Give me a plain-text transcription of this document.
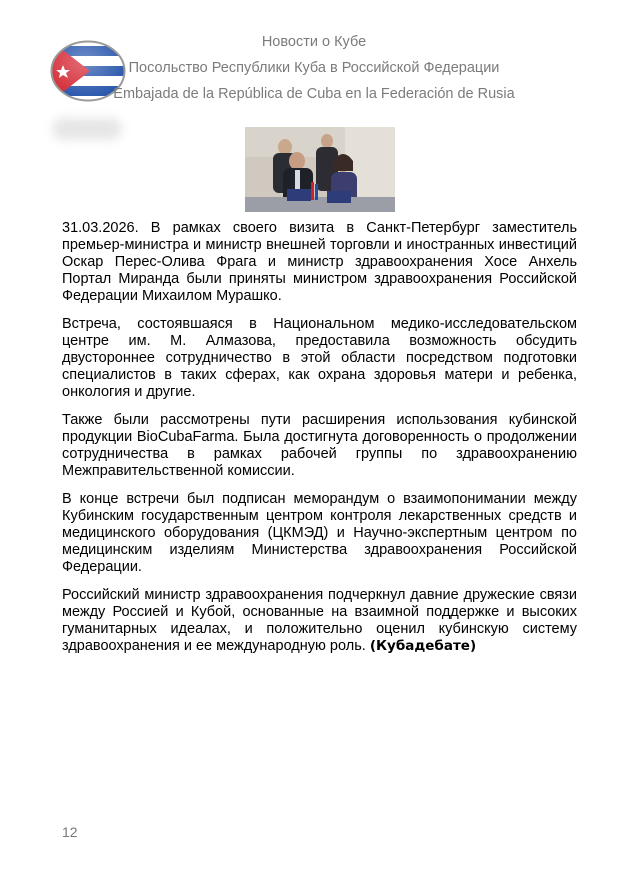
Новости о Кубе
Посольство Республики Куба в Российской Федерации
Embajada de la República de Cuba en la Federación de Rusia

31.03.2026. В рамках своего визита в Санкт-Петербург заместитель премьер-министра и министр внешней торговли и иностранных инвестиций Оскар Перес-Олива Фрага и министр здравоохранения Хосе Анхель Портал Миранда были приняты министром здравоохранения Российской Федерации Михаилом Мурашко.

Встреча, состоявшаяся в Национальном медико-исследовательском центре им. М. Алмазова, предоставила возможность обсудить двустороннее сотрудничество в этой области посредством подготовки специалистов в таких сферах, как охрана здоровья матери и ребенка, онкология и другие.

Также были рассмотрены пути расширения использования кубинской продукции BioCubaFarma. Была достигнута договоренность о продолжении сотрудничества в рамках рабочей группы по здравоохранению Межправительственной комиссии.

В конце встречи был подписан меморандум о взаимопонимании между Кубинским государственным центром контроля лекарственных средств и медицинского оборудования (ЦКМЭД) и Научно-экспертным центром по медицинским изделиям Министерства здравоохранения Российской Федерации.

Российский министр здравоохранения подчеркнул давние дружеские связи между Россией и Кубой, основанные на взаимной поддержке и высоких гуманитарных идеалах, и положительно оценил кубинскую систему здравоохранения и ее международную роль. (Кубадебате)

12
